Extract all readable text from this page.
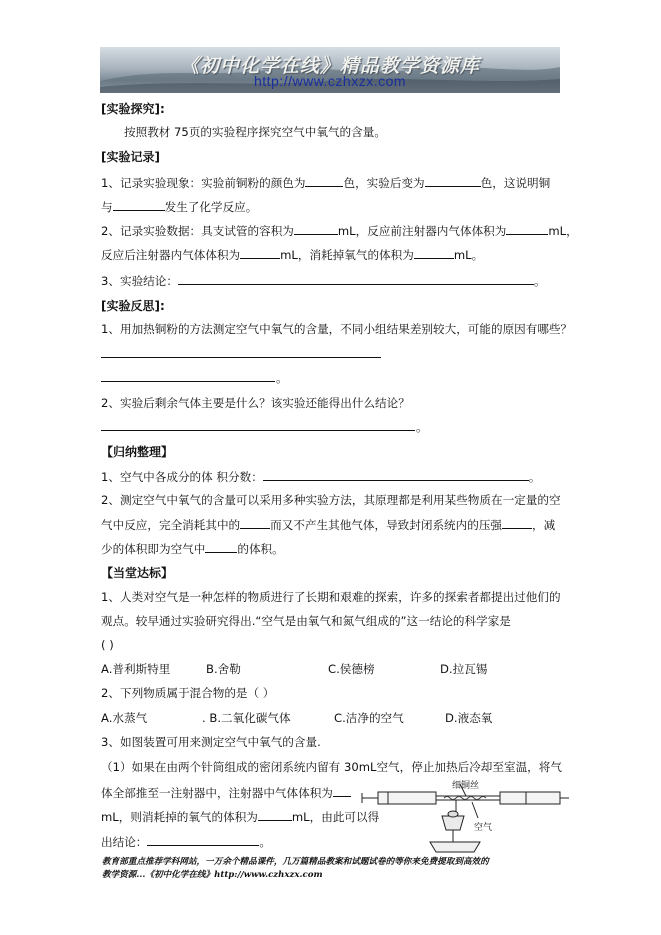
《初中化学在线》精品教学资源库
http://www.czhxzx.com
[实验探究]:
按照教材 75页的实验程序探究空气中氧气的含量。
[实验记录]
1、记录实验现象：实验前铜粉的颜色为	色，实验后变为	色，这说明铜
与	发生了化学反应。
2、记录实验数据：具支试管的容积为	mL，反应前注射器内气体体积为	mL，
反应后注射器内气体体积为	mL，消耗掉氧气的体积为	mL。
3、实验结论：	。
[实验反思]:
1、用加热铜粉的方法测定空气中氧气的含量，不同小组结果差别较大，可能的原因有哪些？
。
2、实验后剩余气体主要是什么？该实验还能得出什么结论？
。
【归纳整理】
1、空气中各成分的体 积分数：	。
2、测定空气中氧气的含量可以采用多种实验方法，其原理都是利用某些物质在一定量的空
气中反应，完全消耗其中的	而又不产生其他气体，导致封闭系统内的压强	，减
少的体积即为空气中	的体积。
【当堂达标】
1、人类对空气是一种怎样的物质进行了长期和艰难的探索，许多的探索者都提出过他们的
观点。较早通过实验研究得出.“空气是由氧气和氮气组成的”这一结论的科学家是
( )
A.普利斯特里	B.舍勒	C.侯德榜	D.拉瓦锡
2、下列物质属于混合物的是（ ）
A.水蒸气	. B.二氧化碳气体	C.洁净的空气	D.液态氧
3、如图装置可用来测定空气中氧气的含量.
（1）如果在由两个针筒组成的密闭系统内留有 30mL空气，停止加热后冷却至室温，将气
体全部推至一注射器中，注射器中气体体积为
mL，则消耗掉的氧气的体积为	mL，由此可以得
出结论：	。
细铜丝
空气
教育部重点推荐学科网站，一万余个精品课件，几万篇精品教案和试题试卷的等你来免费提取到高效的
教学资源...《初中化学在线》http://www.czhxzx.com
